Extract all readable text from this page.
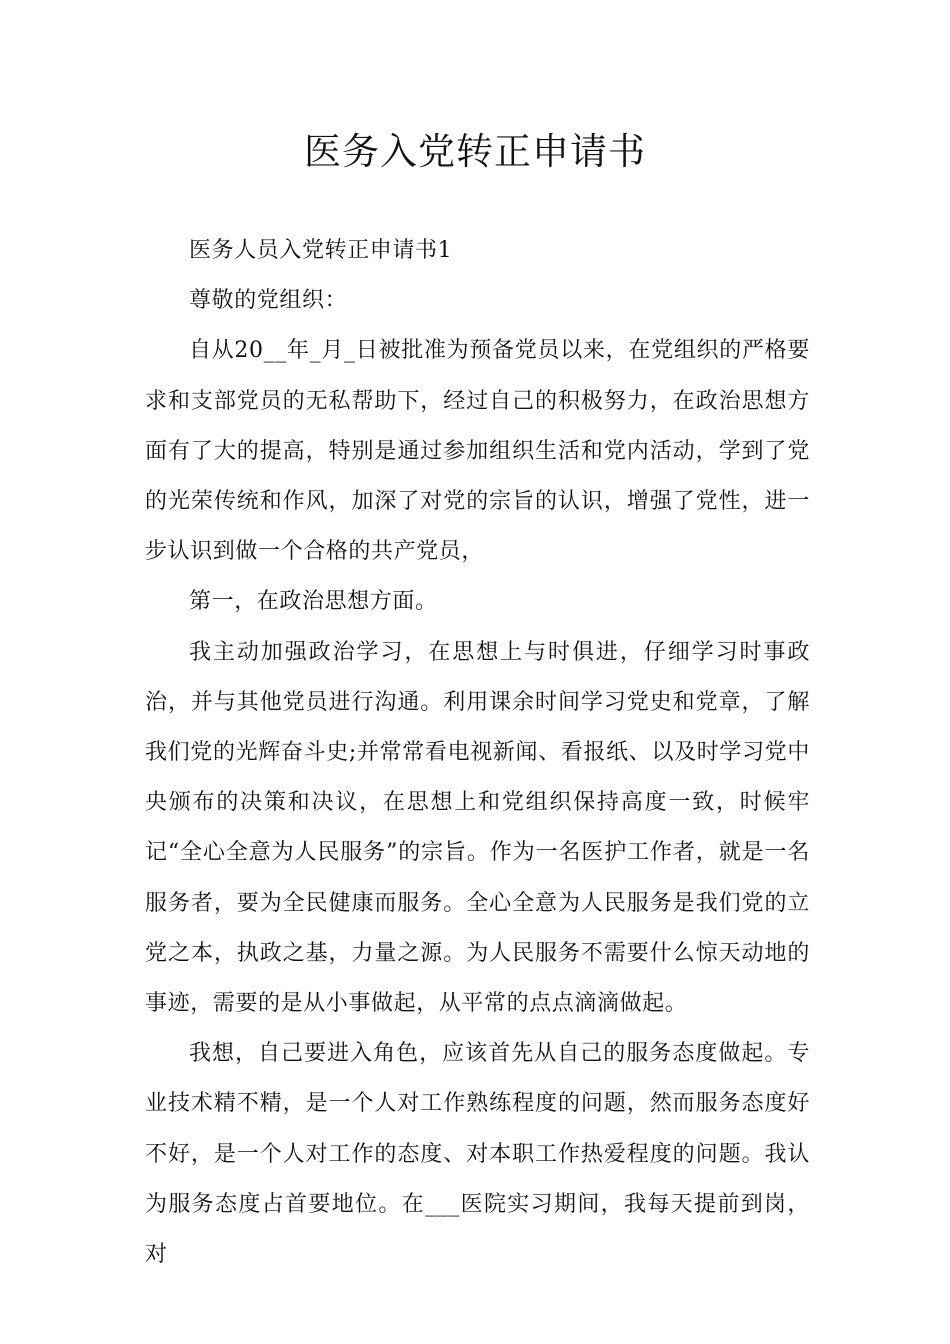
医务入党转正申请书

医务人员入党转正申请书1

尊敬的党组织：

自从20__年_月_日被批准为预备党员以来，在党组织的严格要求和支部党员的无私帮助下，经过自己的积极努力，在政治思想方面有了大的提高，特别是通过参加组织生活和党内活动，学到了党的光荣传统和作风，加深了对党的宗旨的认识，增强了党性，进一步认识到做一个合格的共产党员，

第一，在政治思想方面。

我主动加强政治学习，在思想上与时俱进，仔细学习时事政治，并与其他党员进行沟通。利用课余时间学习党史和党章，了解我们党的光辉奋斗史;并常常看电视新闻、看报纸、以及时学习党中央颁布的决策和决议，在思想上和党组织保持高度一致，时候牢记“全心全意为人民服务”的宗旨。作为一名医护工作者，就是一名服务者，要为全民健康而服务。全心全意为人民服务是我们党的立党之本，执政之基，力量之源。为人民服务不需要什么惊天动地的事迹，需要的是从小事做起，从平常的点点滴滴做起。

我想，自己要进入角色，应该首先从自己的服务态度做起。专业技术精不精，是一个人对工作熟练程度的问题，然而服务态度好不好，是一个人对工作的态度、对本职工作热爱程度的问题。我认为服务态度占首要地位。在___医院实习期间，我每天提前到岗，对
